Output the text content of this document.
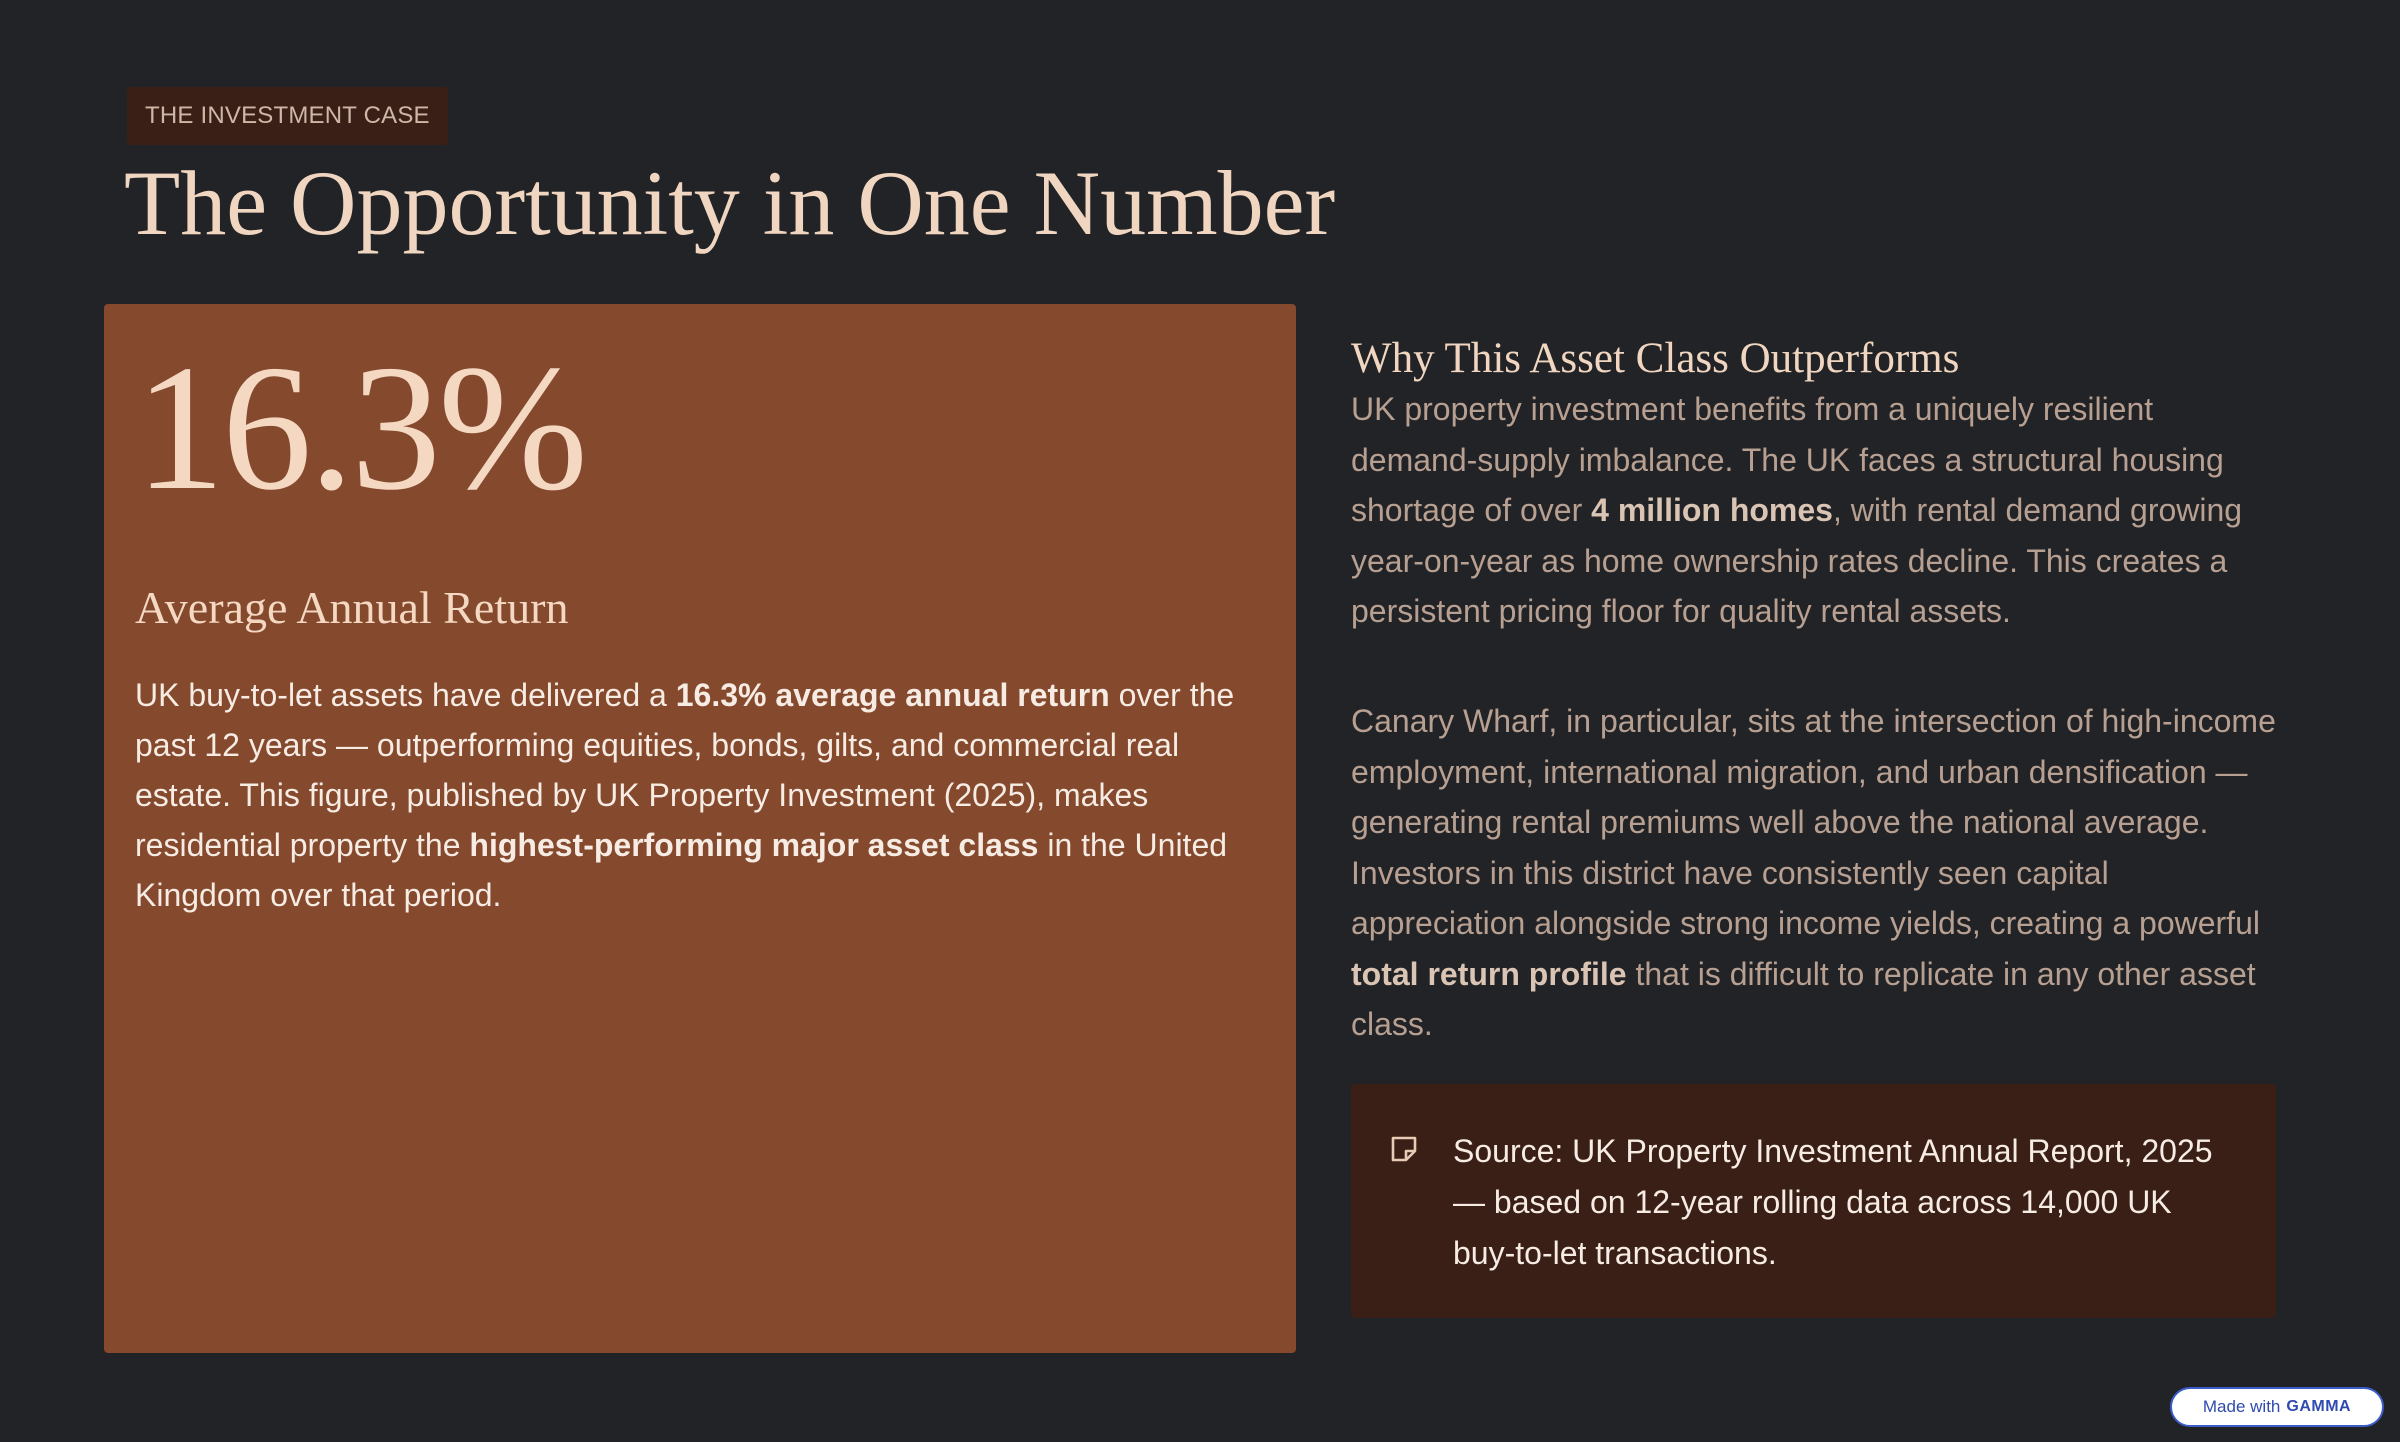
THE INVESTMENT CASE
The Opportunity in One Number
16.3%
Average Annual Return

UK buy-to-let assets have delivered a 16.3% average annual return over the past 12 years — outperforming equities, bonds, gilts, and commercial real estate. This figure, published by UK Property Investment (2025), makes residential property the highest-performing major asset class in the United Kingdom over that period.

Why This Asset Class Outperforms

UK property investment benefits from a uniquely resilient demand-supply imbalance. The UK faces a structural housing shortage of over 4 million homes, with rental demand growing year-on-year as home ownership rates decline. This creates a persistent pricing floor for quality rental assets.

Canary Wharf, in particular, sits at the intersection of high-income employment, international migration, and urban densification — generating rental premiums well above the national average. Investors in this district have consistently seen capital appreciation alongside strong income yields, creating a powerful total return profile that is difficult to replicate in any other asset class.

Source: UK Property Investment Annual Report, 2025 — based on 12-year rolling data across 14,000 UK buy-to-let transactions.

Made with GAMMA
